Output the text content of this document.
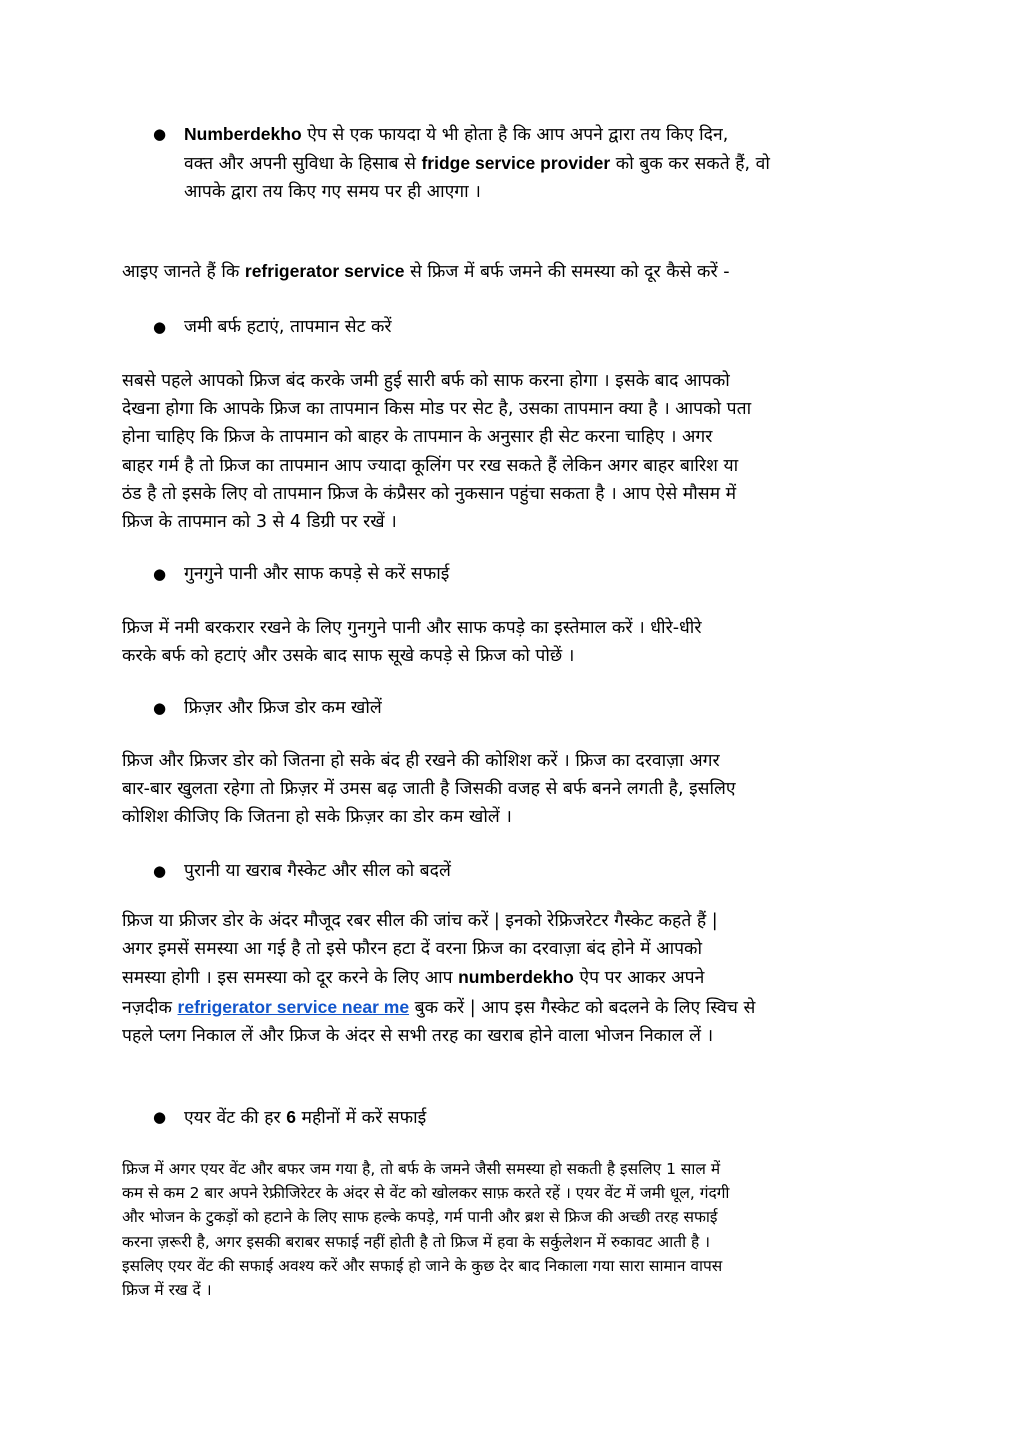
● Numberdekho ऐप से एक फायदा ये भी होता है कि आप अपने द्वारा तय किए दिन,
वक्त और अपनी सुविधा के हिसाब से fridge service provider को बुक कर सकते हैं, वो
आपके द्वारा तय किए गए समय पर ही आएगा ।

आइए जानते हैं कि refrigerator service से फ्रिज में बर्फ जमने की समस्या को दूर कैसे करें -

● जमी बर्फ हटाएं, तापमान सेट करें

सबसे पहले आपको फ्रिज बंद करके जमी हुई सारी बर्फ को साफ करना होगा । इसके बाद आपको
देखना होगा कि आपके फ्रिज का तापमान किस मोड पर सेट है, उसका तापमान क्या है । आपको पता
होना चाहिए कि फ्रिज के तापमान को बाहर के तापमान के अनुसार ही सेट करना चाहिए । अगर
बाहर गर्म है तो फ्रिज का तापमान आप ज्यादा कूलिंग पर रख सकते हैं लेकिन अगर बाहर बारिश या
ठंड है तो इसके लिए वो तापमान फ्रिज के कंप्रैसर को नुकसान पहुंचा सकता है । आप ऐसे मौसम में
फ्रिज के तापमान को 3 से 4 डिग्री पर रखें ।

● गुनगुने पानी और साफ कपड़े से करें सफाई

फ्रिज में नमी बरकरार रखने के लिए गुनगुने पानी और साफ कपड़े का इस्तेमाल करें । धीरे-धीरे
करके बर्फ को हटाएं और उसके बाद साफ सूखे कपड़े से फ्रिज को पोछें ।

● फ्रिज़र और फ्रिज डोर कम खोलें

फ्रिज और फ्रिजर डोर को जितना हो सके बंद ही रखने की कोशिश करें । फ्रिज का दरवाज़ा अगर
बार-बार खुलता रहेगा तो फ्रिज़र में उमस बढ़ जाती है जिसकी वजह से बर्फ बनने लगती है, इसलिए
कोशिश कीजिए कि जितना हो सके फ्रिज़र का डोर कम खोलें ।

● पुरानी या खराब गैस्केट और सील को बदलें

फ्रिज या फ्रीजर डोर के अंदर मौजूद रबर सील की जांच करें | इनको रेफ्रिजरेटर गैस्केट कहते हैं |
अगर इमसें समस्या आ गई है तो इसे फौरन हटा दें वरना फ्रिज का दरवाज़ा बंद होने में आपको
समस्या होगी । इस समस्या को दूर करने के लिए आप numberdekho ऐप पर आकर अपने
नज़दीक refrigerator service near me बुक करें | आप इस गैस्केट को बदलने के लिए स्विच से
पहले प्लग निकाल लें और फ्रिज के अंदर से सभी तरह का खराब होने वाला भोजन निकाल लें ।

● एयर वेंट की हर 6 महीनों में करें सफाई

फ्रिज में अगर एयर वेंट और बफर जम गया है, तो बर्फ के जमने जैसी समस्या हो सकती है इसलिए 1 साल में
कम से कम 2 बार अपने रेफ्रीजिरेटर के अंदर से वेंट को खोलकर साफ़ करते रहें । एयर वेंट में जमी धूल, गंदगी
और भोजन के टुकड़ों को हटाने के लिए साफ हल्के कपड़े, गर्म पानी और ब्रश से फ्रिज की अच्छी तरह सफाई
करना ज़रूरी है, अगर इसकी बराबर सफाई नहीं होती है तो फ्रिज में हवा के सर्कुलेशन में रुकावट आती है ।
इसलिए एयर वेंट की सफाई अवश्य करें और सफाई हो जाने के कुछ देर बाद निकाला गया सारा सामान वापस
फ्रिज में रख दें ।
